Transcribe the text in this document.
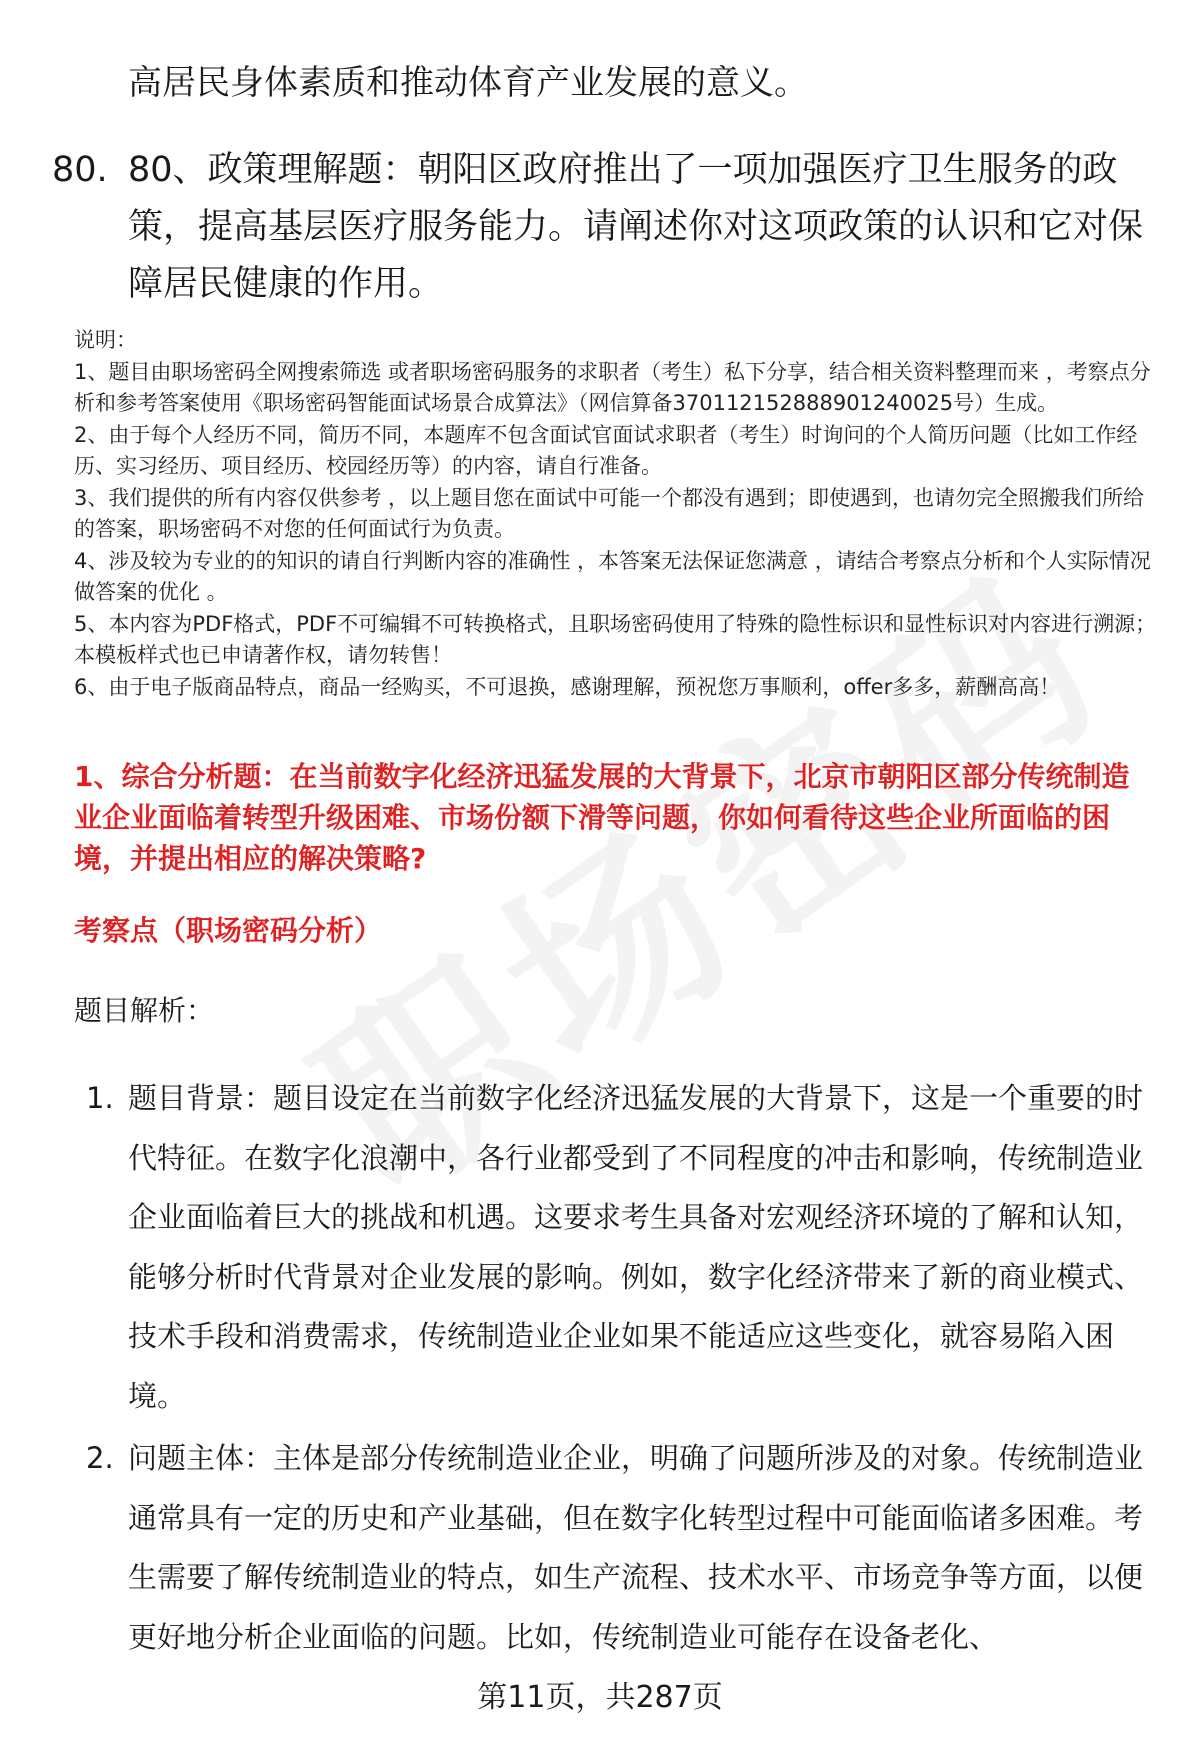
高居民身体素质和推动体育产业发展的意义。
80. 80、政策理解题：朝阳区政府推出了一项加强医疗卫生服务的政策，提高基层医疗服务能力。请阐述你对这项政策的认识和它对保障居民健康的作用。

说明：

1、题目由职场密码全网搜索筛选 或者职场密码服务的求职者（考生）私下分享，结合相关资料整理而来 ，考察点分析和参考答案使用《职场密码智能面试场景合成算法》（网信算备370112152888901240025号）生成。

2、由于每个人经历不同，简历不同，本题库不包含面试官面试求职者（考生）时询问的个人简历问题（比如工作经历、实习经历、项目经历、校园经历等）的内容，请自行准备。

3、我们提供的所有内容仅供参考 ，以上题目您在面试中可能一个都没有遇到；即使遇到，也请勿完全照搬我们所给的答案，职场密码不对您的任何面试行为负责。

4、涉及较为专业的的知识的请自行判断内容的准确性 ，本答案无法保证您满意 ，请结合考察点分析和个人实际情况做答案的优化 。

5、本内容为PDF格式，PDF不可编辑不可转换格式，且职场密码使用了特殊的隐性标识和显性标识对内容进行溯源；本模板样式也已申请著作权，请勿转售！

6、由于电子版商品特点，商品一经购买，不可退换，感谢理解，预祝您万事顺利，offer多多，薪酬高高！

1、综合分析题：在当前数字化经济迅猛发展的大背景下，北京市朝阳区部分传统制造业企业面临着转型升级困难、市场份额下滑等问题，你如何看待这些企业所面临的困境，并提出相应的解决策略?
考察点（职场密码分析）
题目解析：
1. 题目背景：题目设定在当前数字化经济迅猛发展的大背景下，这是一个重要的时代特征。在数字化浪潮中，各行业都受到了不同程度的冲击和影响，传统制造业企业面临着巨大的挑战和机遇。这要求考生具备对宏观经济环境的了解和认知，能够分析时代背景对企业发展的影响。例如，数字化经济带来了新的商业模式、技术手段和消费需求，传统制造业企业如果不能适应这些变化，就容易陷入困境。
2. 问题主体：主体是部分传统制造业企业，明确了问题所涉及的对象。传统制造业通常具有一定的历史和产业基础，但在数字化转型过程中可能面临诸多困难。考生需要了解传统制造业的特点，如生产流程、技术水平、市场竞争等方面，以便更好地分析企业面临的问题。比如，传统制造业可能存在设备老化、
第11页，共287页
